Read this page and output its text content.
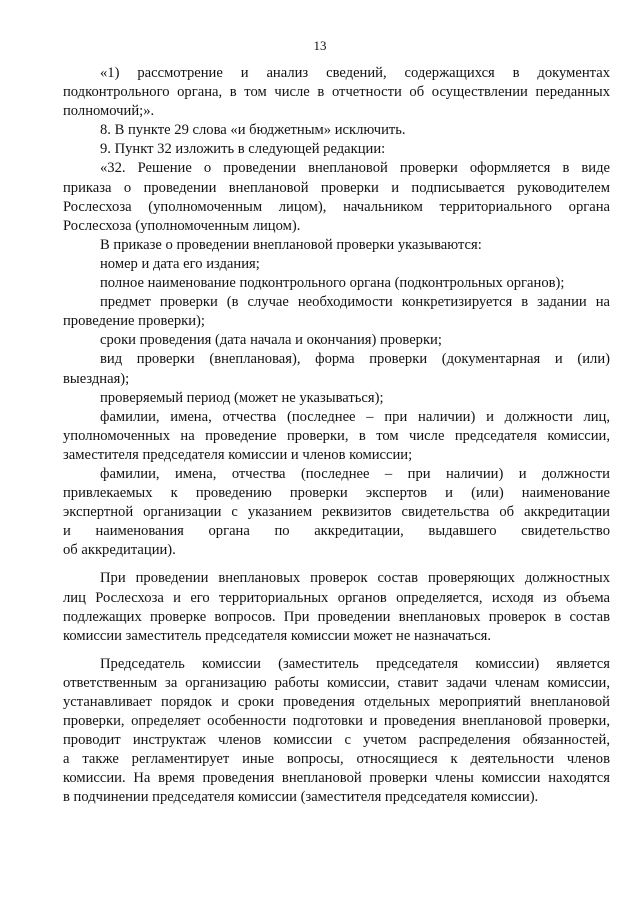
13
«1) рассмотрение и анализ сведений, содержащихся в документах
подконтрольного органа, в том числе в отчетности об осуществлении переданных
полномочий;».
8. В пункте 29 слова «и бюджетным» исключить.
9. Пункт 32 изложить в следующей редакции:
«32. Решение о проведении внеплановой проверки оформляется в виде
приказа о проведении внеплановой проверки и подписывается руководителем
Рослесхоза (уполномоченным лицом), начальником территориального органа
Рослесхоза (уполномоченным лицом).
В приказе о проведении внеплановой проверки указываются:
номер и дата его издания;
полное наименование подконтрольного органа (подконтрольных органов);
предмет проверки (в случае необходимости конкретизируется в задании на
проведение проверки);
сроки проведения (дата начала и окончания) проверки;
вид проверки (внеплановая), форма проверки (документарная и (или)
выездная);
проверяемый период (может не указываться);
фамилии, имена, отчества (последнее – при наличии) и должности лиц,
уполномоченных на проведение проверки, в том числе председателя комиссии,
заместителя председателя комиссии и членов комиссии;
фамилии, имена, отчества (последнее – при наличии) и должности
привлекаемых к проведению проверки экспертов и (или) наименование
экспертной организации с указанием реквизитов свидетельства об аккредитации
и наименования органа по аккредитации, выдавшего свидетельство
об аккредитации).
При проведении внеплановых проверок состав проверяющих должностных
лиц Рослесхоза и его территориальных органов определяется, исходя из объема
подлежащих проверке вопросов. При проведении внеплановых проверок в состав
комиссии заместитель председателя комиссии может не назначаться.
Председатель комиссии (заместитель председателя комиссии) является
ответственным за организацию работы комиссии, ставит задачи членам комиссии,
устанавливает порядок и сроки проведения отдельных мероприятий внеплановой
проверки, определяет особенности подготовки и проведения внеплановой проверки,
проводит инструктаж членов комиссии с учетом распределения обязанностей,
а также регламентирует иные вопросы, относящиеся к деятельности членов
комиссии. На время проведения внеплановой проверки члены комиссии находятся
в подчинении председателя комиссии (заместителя председателя комиссии).
